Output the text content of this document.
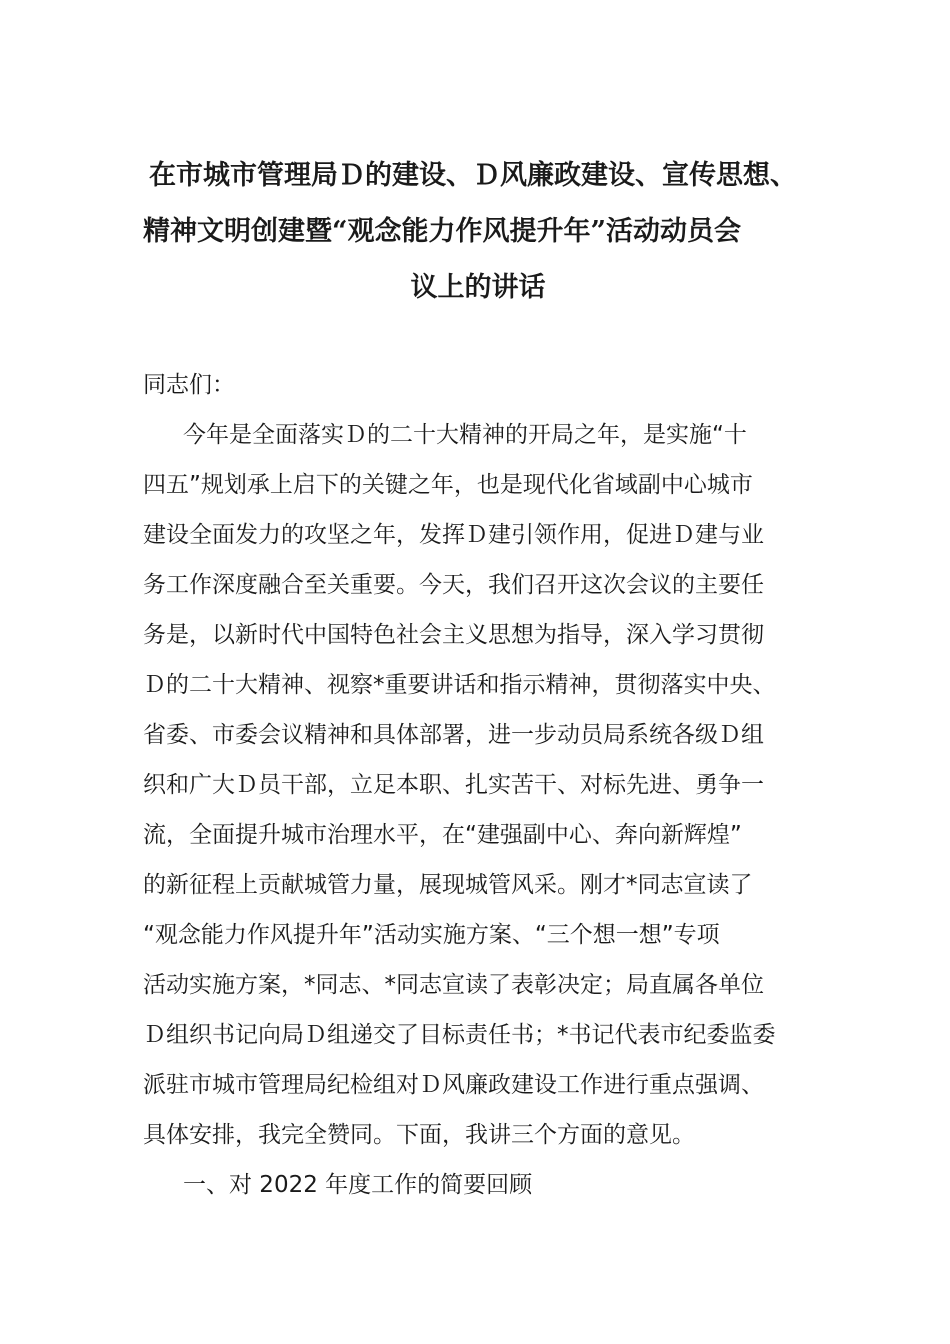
在市城市管理局Ｄ的建设、Ｄ风廉政建设、宣传思想、
精神文明创建暨“观念能力作风提升年”活动动员会
议上的讲话
同志们：
今年是全面落实Ｄ的二十大精神的开局之年，是实施“十
四五”规划承上启下的关键之年，也是现代化省域副中心城市
建设全面发力的攻坚之年，发挥Ｄ建引领作用，促进Ｄ建与业
务工作深度融合至关重要。今天，我们召开这次会议的主要任
务是，以新时代中国特色社会主义思想为指导，深入学习贯彻
Ｄ的二十大精神、视察*重要讲话和指示精神，贯彻落实中央、
省委、市委会议精神和具体部署，进一步动员局系统各级Ｄ组
织和广大Ｄ员干部，立足本职、扎实苦干、对标先进、勇争一
流，全面提升城市治理水平，在“建强副中心、奔向新辉煌”
的新征程上贡献城管力量，展现城管风采。刚才*同志宣读了
“观念能力作风提升年”活动实施方案、“三个想一想”专项
活动实施方案，*同志、*同志宣读了表彰决定；局直属各单位
Ｄ组织书记向局Ｄ组递交了目标责任书；*书记代表市纪委监委
派驻市城市管理局纪检组对Ｄ风廉政建设工作进行重点强调、
具体安排，我完全赞同。下面，我讲三个方面的意见。
一、对 2022 年度工作的简要回顾
